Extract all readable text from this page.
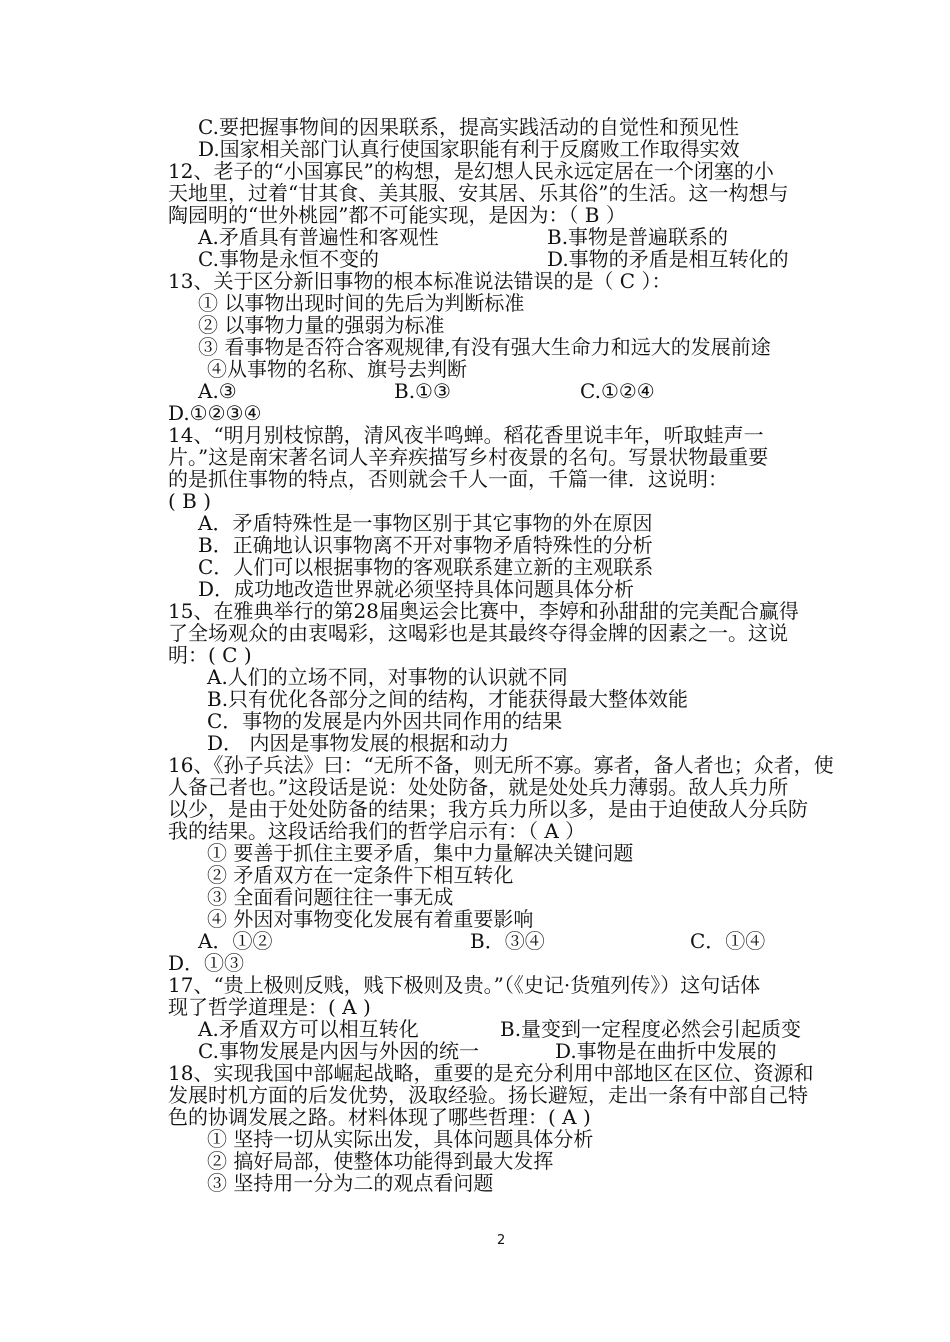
C.要把握事物间的因果联系，提高实践活动的自觉性和预见性
D.国家相关部门认真行使国家职能有利于反腐败工作取得实效
12、老子的“小国寡民”的构想，是幻想人民永远定居在一个闭塞的小
天地里，过着“甘其食、美其服、安其居、乐其俗”的生活。这一构想与
陶园明的“世外桃园”都不可能实现，是因为：（ B ）
A.矛盾具有普遍性和客观性	B.事物是普遍联系的
C.事物是永恒不变的	D.事物的矛盾是相互转化的
13、关于区分新旧事物的根本标准说法错误的是（ C ）：
① 以事物出现时间的先后为判断标准
② 以事物力量的强弱为标准
③ 看事物是否符合客观规律,有没有强大生命力和远大的发展前途
④从事物的名称、旗号去判断
A.③	B.①③	C.①②④
D.①②③④
14、“明月别枝惊鹊，清风夜半鸣蝉。稻花香里说丰年，听取蛙声一
片。”这是南宋著名词人辛弃疾描写乡村夜景的名句。写景状物最重要
的是抓住事物的特点，否则就会千人一面，千篇一律．这说明：
( B )
A．矛盾特殊性是一事物区别于其它事物的外在原因
B．正确地认识事物离不开对事物矛盾特殊性的分析
C．人们可以根据事物的客观联系建立新的主观联系
D．成功地改造世界就必须坚持具体问题具体分析
15、在雅典举行的第28届奥运会比赛中，李婷和孙甜甜的完美配合赢得
了全场观众的由衷喝彩，这喝彩也是其最终夺得金牌的因素之一。这说
明：( C )
A.人们的立场不同，对事物的认识就不同
B.只有优化各部分之间的结构，才能获得最大整体效能
C．事物的发展是内外因共同作用的结果
D． 内因是事物发展的根据和动力
16、《孙子兵法》曰：“无所不备，则无所不寡。寡者，备人者也；众者，使
人备己者也。”这段话是说：处处防备，就是处处兵力薄弱。敌人兵力所
以少，是由于处处防备的结果；我方兵力所以多，是由于迫使敌人分兵防
我的结果。这段话给我们的哲学启示有：（ A ）
① 要善于抓住主要矛盾，集中力量解决关键问题
② 矛盾双方在一定条件下相互转化
③ 全面看问题往往一事无成
④ 外因对事物变化发展有着重要影响
A．①②	B．③④	C．①④
D．①③
17、“贵上极则反贱，贱下极则及贵。”（《史记·货殖列传》）这句话体
现了哲学道理是：( A )
A.矛盾双方可以相互转化	B.量变到一定程度必然会引起质变
C.事物发展是内因与外因的统一	D.事物是在曲折中发展的
18、实现我国中部崛起战略，重要的是充分利用中部地区在区位、资源和
发展时机方面的后发优势，汲取经验。扬长避短，走出一条有中部自己特
色的协调发展之路。材料体现了哪些哲理：( A )
① 坚持一切从实际出发，具体问题具体分析
② 搞好局部，使整体功能得到最大发挥
③ 坚持用一分为二的观点看问题
2
